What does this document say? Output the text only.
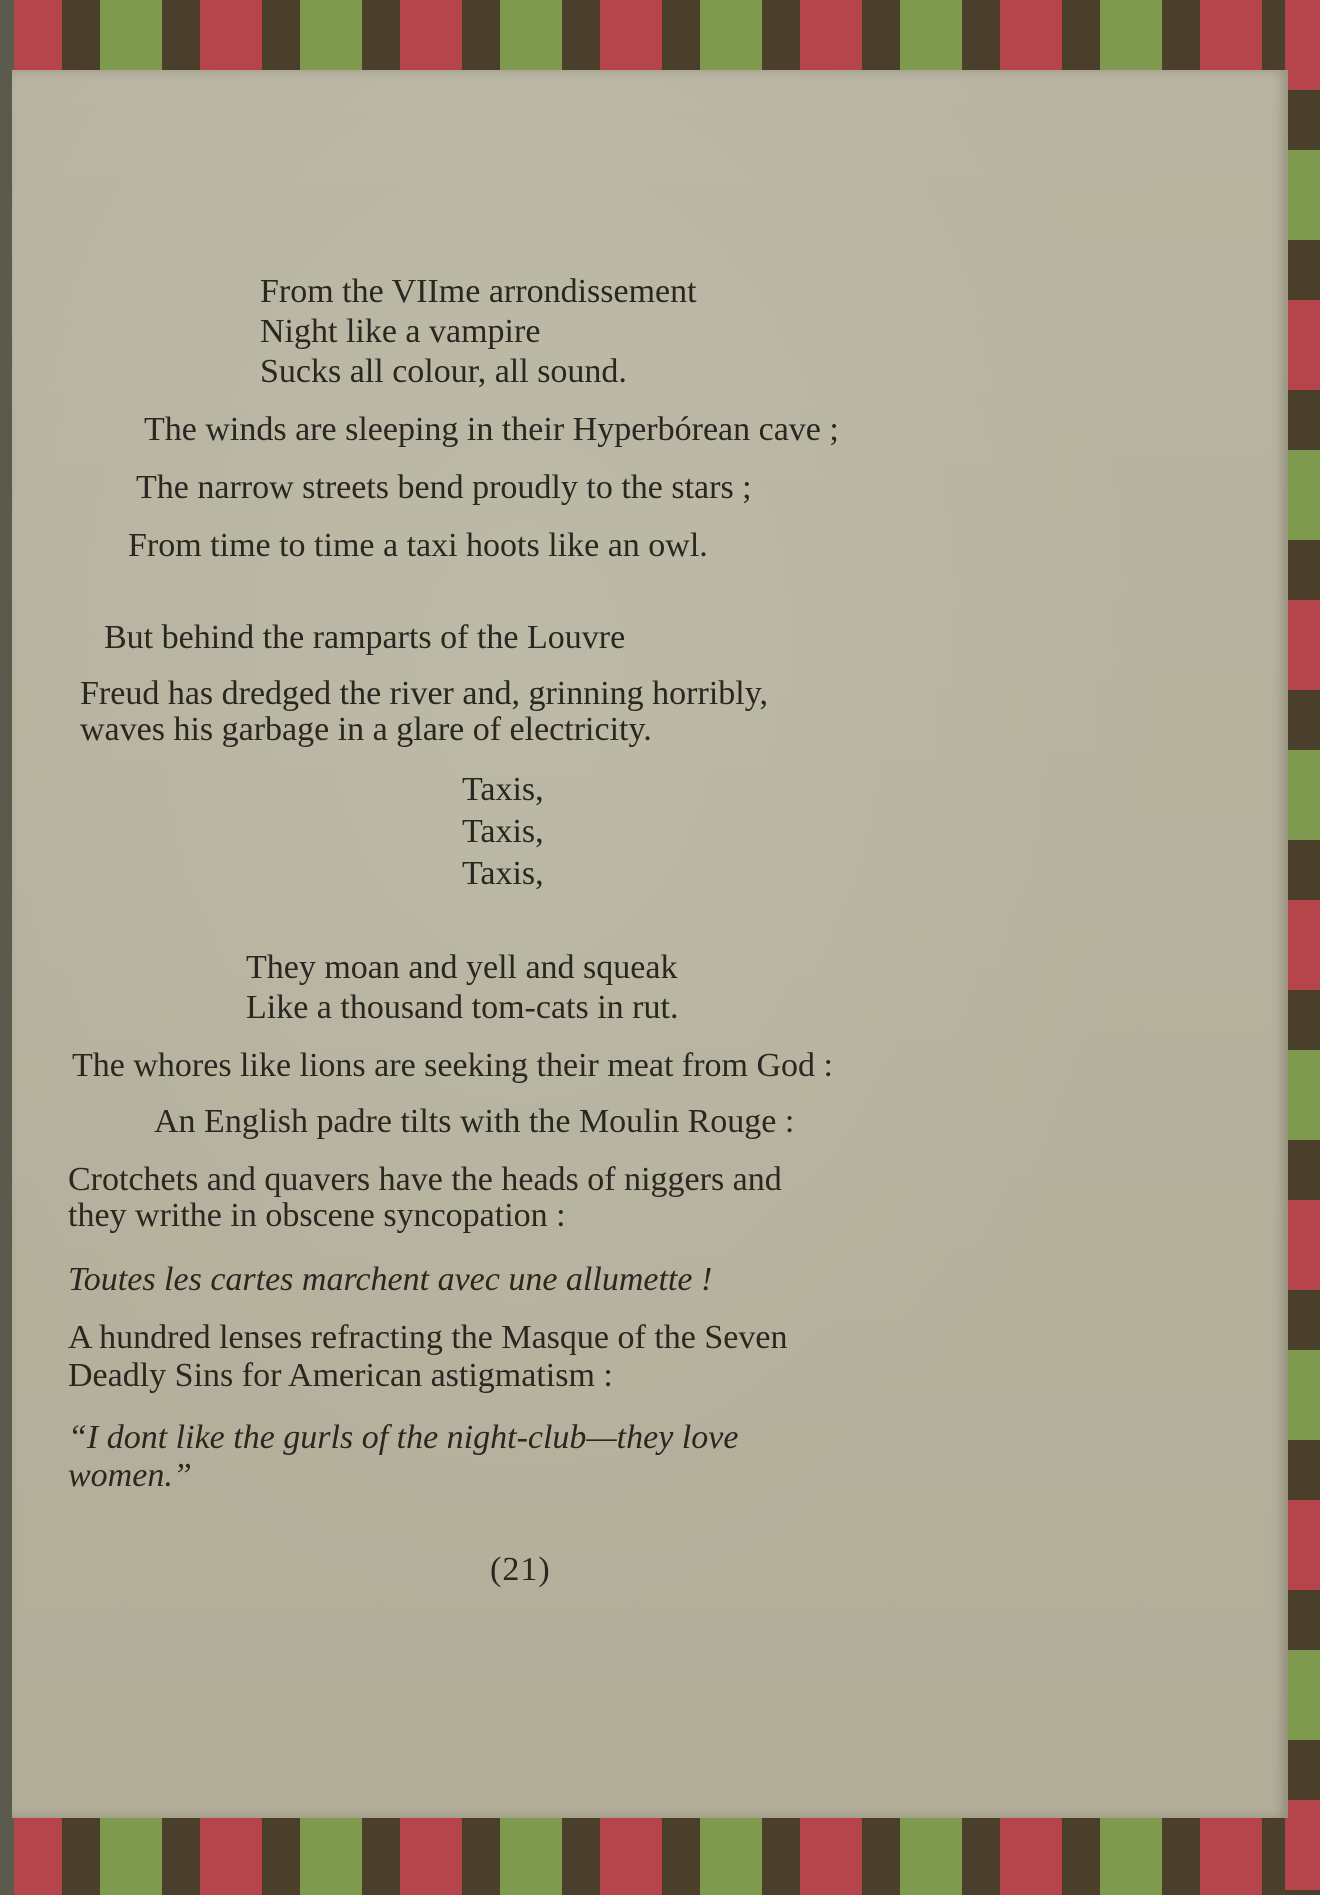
From the VIIme arrondissement

Night like a vampire

Sucks all colour, all sound.

The winds are sleeping in their Hyperbórean cave ;

The narrow streets bend proudly to the stars ;

From time to time a taxi hoots like an owl.

But behind the ramparts of the Louvre

Freud has dredged the river and, grinning horribly,

waves his garbage in a glare of electricity.

Taxis,

Taxis,

Taxis,

They moan and yell and squeak

Like a thousand tom-cats in rut.

The whores like lions are seeking their meat from God :

An English padre tilts with the Moulin Rouge :

Crotchets and quavers have the heads of niggers and

they writhe in obscene syncopation :

Toutes les cartes marchent avec une allumette !

A hundred lenses refracting the Masque of the Seven

Deadly Sins for American astigmatism :

“I dont like the gurls of the night-club—they love

women.”

(21)
